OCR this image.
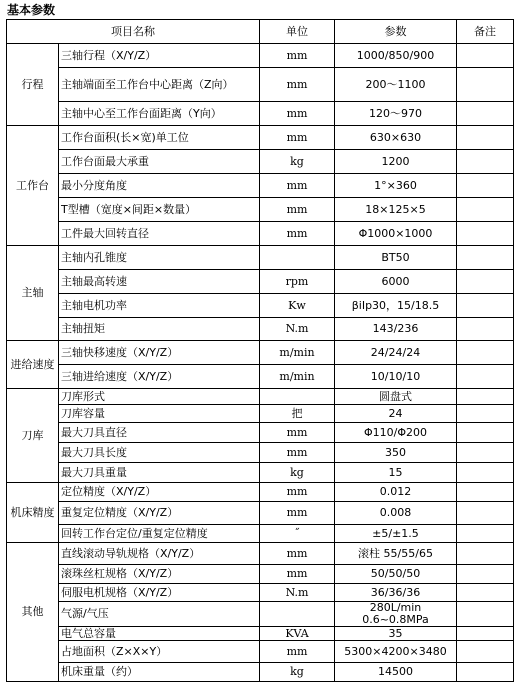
基本参数
项目名称		单位	参数	备注
行程	三轴行程（X/Y/Z）	mm	1000/850/900	
	主轴端面至工作台中心距离（Z向）	mm	200～1100	
	主轴中心至工作台面距离（Y向）	mm	120～970	
工作台	工作台面积(长×宽)单工位	mm	630×630	
	工作台面最大承重	kg	1200	
	最小分度角度	mm	1°×360	
	T型槽（宽度×间距×数量）	mm	18×125×5	
	工件最大回转直径	mm	Φ1000×1000	
主轴	主轴内孔锥度		BT50	
	主轴最高转速	rpm	6000	
	主轴电机功率	Kw	βiIp30，15/18.5	
	主轴扭矩	N.m	143/236	
进给速度	三轴快移速度（X/Y/Z）	m/min	24/24/24	
	三轴进给速度（X/Y/Z）	m/min	10/10/10	
刀库	刀库形式		圆盘式	
	刀库容量	把	24	
	最大刀具直径	mm	Φ110/Φ200	
	最大刀具长度	mm	350	
	最大刀具重量	kg	15	
机床精度	定位精度（X/Y/Z）	mm	0.012	
	重复定位精度（X/Y/Z）	mm	0.008	
	回转工作台定位/重复定位精度	˝	±5/±1.5	
其他	直线滚动导轨规格（X/Y/Z）	mm	滚柱 55/55/65	
	滚珠丝杠规格（X/Y/Z）	mm	50/50/50	
	伺服电机规格（X/Y/Z）	N.m	36/36/36	
	气源/气压		280L/min 0.6~0.8MPa	
	电气总容量	KVA	35	
	占地面积（Z×X×Y）	mm	5300×4200×3480	
	机床重量（约）	kg	14500	
